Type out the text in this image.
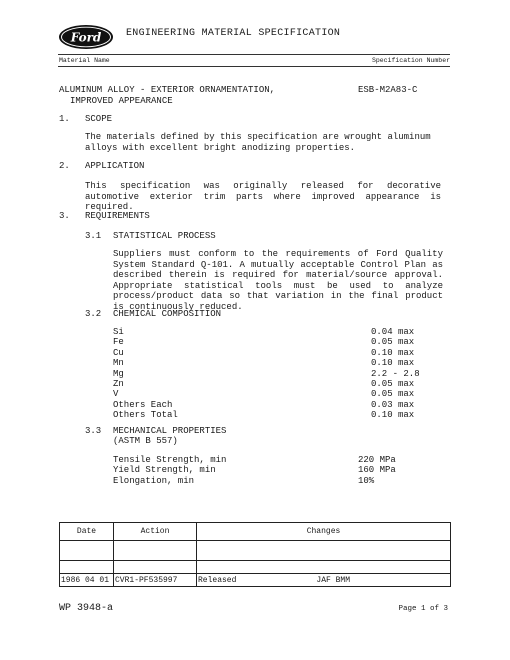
Ford ENGINEERING MATERIAL SPECIFICATION
Material Name	Specification Number
ALUMINUM ALLOY - EXTERIOR ORNAMENTATION,
IMPROVED APPEARANCE
ESB-M2A83-C
1. SCOPE
The materials defined by this specification are wrought aluminum alloys with excellent bright anodizing properties.
2. APPLICATION
This specification was originally released for decorative automotive exterior trim parts where improved appearance is required.
3. REQUIREMENTS
3.1 STATISTICAL PROCESS
Suppliers must conform to the requirements of Ford Quality System Standard Q-101. A mutually acceptable Control Plan as described therein is required for material/source approval. Appropriate statistical tools must be used to analyze process/product data so that variation in the final product is continuously reduced.
3.2 CHEMICAL COMPOSITION
Si	0.04 max
Fe	0.05 max
Cu	0.10 max
Mn	0.10 max
Mg	2.2 - 2.8
Zn	0.05 max
V	0.05 max
Others Each	0.03 max
Others Total	0.10 max
3.3 MECHANICAL PROPERTIES
(ASTM B 557)
Tensile Strength, min	220 MPa
Yield Strength, min	160 MPa
Elongation, min	10%
Date	Action	Changes

1986 04 01	CVR1-PF535997	Released JAF BMM
WP 3948-a	Page 1 of 3
